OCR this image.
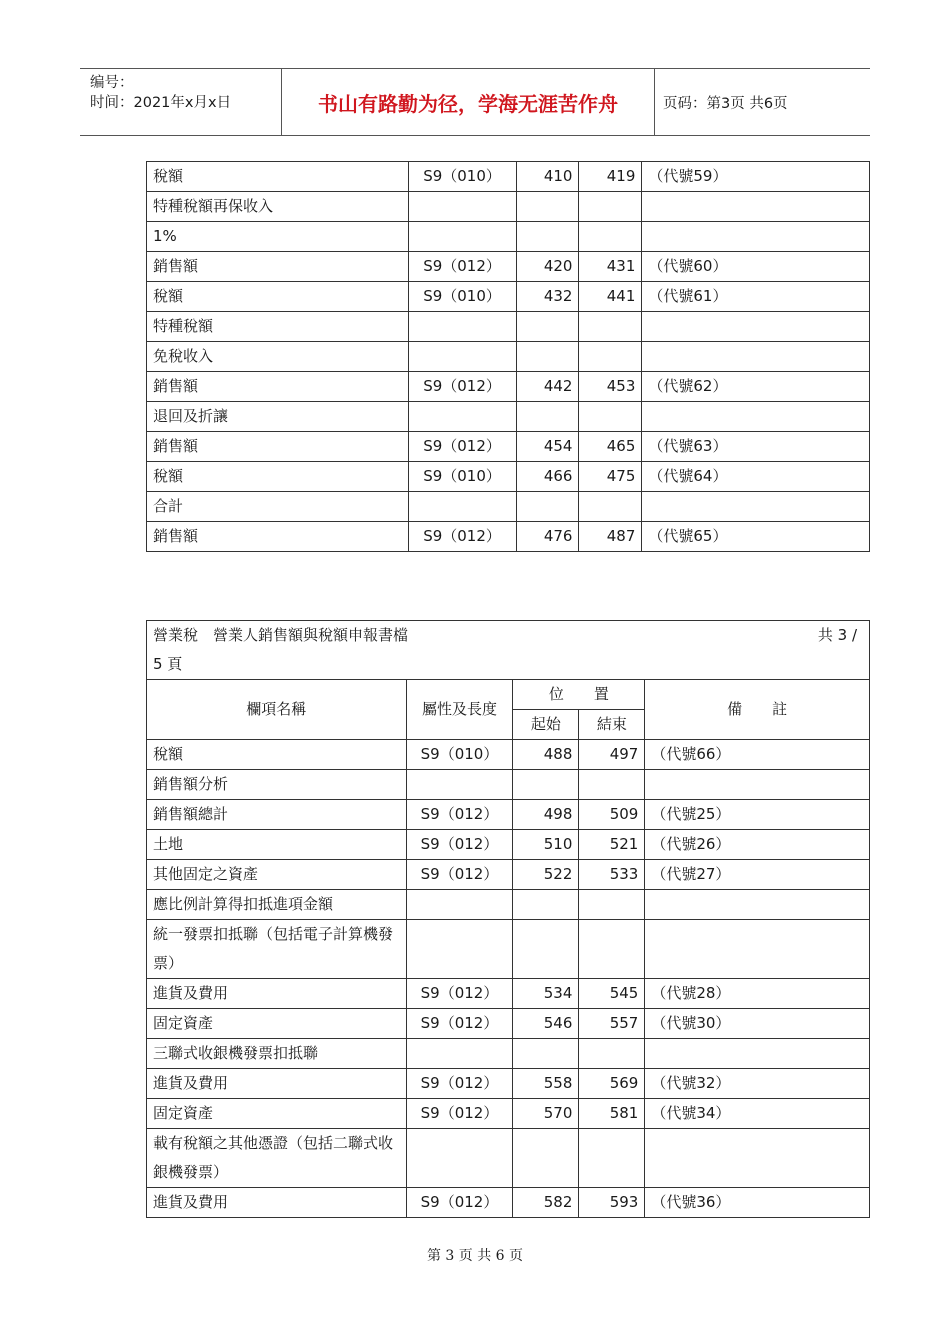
编号：
时间：2021年x月x日	书山有路勤为径，学海无涯苦作舟	页码：第3页 共6页
稅額	S9（010）	410	419	（代號59）
特種稅額再保收入				
1%				
銷售額	S9（012）	420	431	（代號60）
稅額	S9（010）	432	441	（代號61）
特種稅額				
免稅收入				
銷售額	S9（012）	442	453	（代號62）
退回及折讓				
銷售額	S9（012）	454	465	（代號63）
稅額	S9（010）	466	475	（代號64）
合計				
銷售額	S9（012）	476	487	（代號65）
營業稅　營業人銷售額與稅額申報書檔
5 頁
共 3 /				

欄項名稱	屬性及長度	位　　置		備　　註
		起始	結束	
稅額	S9（010）	488	497	（代號66）
銷售額分析				
銷售額總計	S9（012）	498	509	（代號25）
土地	S9（012）	510	521	（代號26）
其他固定之資產	S9（012）	522	533	（代號27）
應比例計算得扣抵進項金額				
統一發票扣抵聯（包括電子計算機發票）				
進貨及費用	S9（012）	534	545	（代號28）
固定資產	S9（012）	546	557	（代號30）
三聯式收銀機發票扣抵聯				
進貨及費用	S9（012）	558	569	（代號32）
固定資產	S9（012）	570	581	（代號34）
載有稅額之其他憑證（包括二聯式收銀機發票）				
進貨及費用	S9（012）	582	593	（代號36）
第 3 页 共 6 页
